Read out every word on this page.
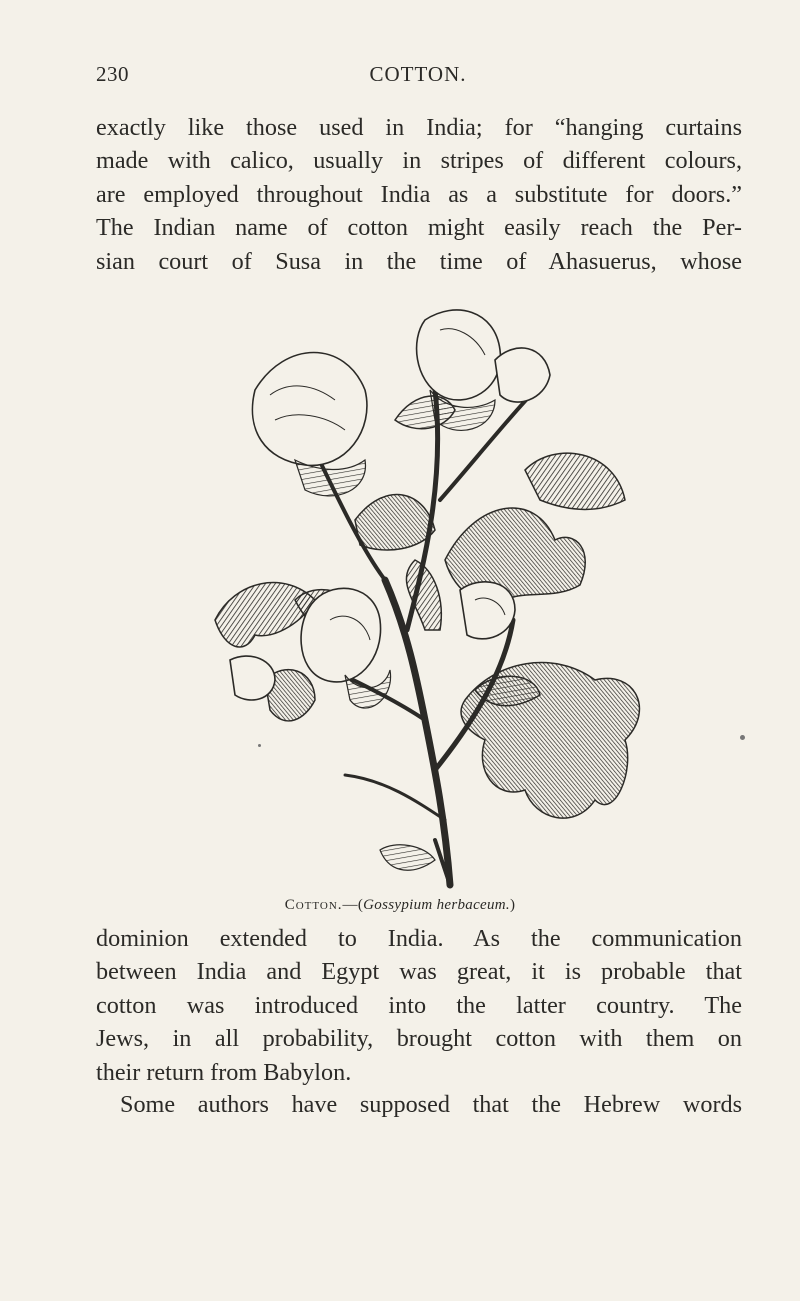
230	COTTON.

exactly like those used in India; for “hanging curtains
made with calico, usually in stripes of different colours,
are employed throughout India as a substitute for doors.”
The Indian name of cotton might easily reach the Per-
sian court of Susa in the time of Ahasuerus, whose

Cotton.—(Gossypium herbaceum.)

dominion extended to India. As the communication
between India and Egypt was great, it is probable that
cotton was introduced into the latter country. The
Jews, in all probability, brought cotton with them on
their return from Babylon.

Some authors have supposed that the Hebrew words
